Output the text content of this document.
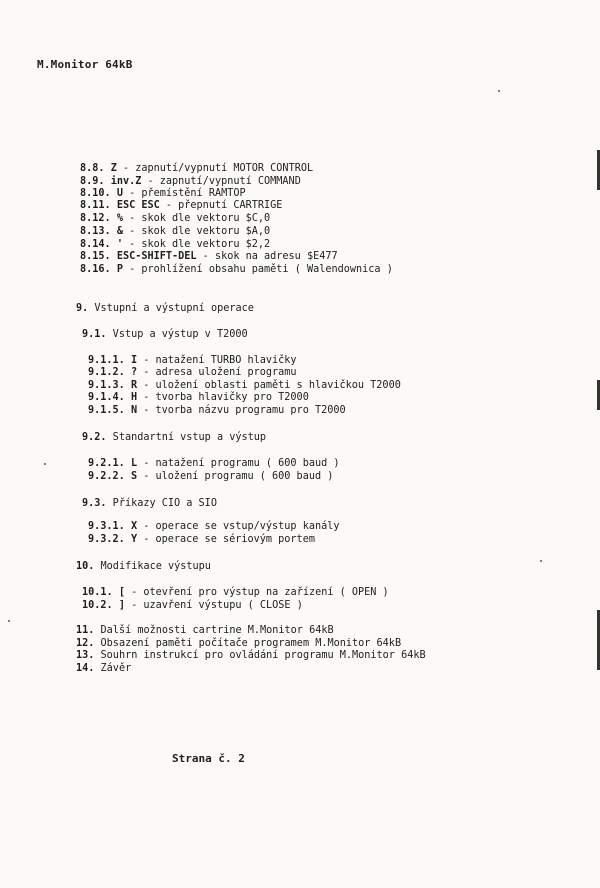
M.Monitor 64kB
8.8. Z - zapnutí/vypnutí MOTOR CONTROL
8.9. inv.Z - zapnutí/vypnutí COMMAND
8.10. U - přemístění RAMTOP
8.11. ESC ESC - přepnutí CARTRIGE
8.12. % - skok dle vektoru $C,0
8.13. & - skok dle vektoru $A,0
8.14. ' - skok dle vektoru $2,2
8.15. ESC-SHIFT-DEL - skok na adresu $E477
8.16. P - prohlížení obsahu paměti ( Walendownica )
9. Vstupní a výstupní operace
9.1. Vstup a výstup v T2000
9.1.1. I - natažení TURBO hlavičky
9.1.2. ? - adresa uložení programu
9.1.3. R - uložení oblasti paměti s hlavičkou T2000
9.1.4. H - tvorba hlavičky pro T2000
9.1.5. N - tvorba názvu programu pro T2000
9.2. Standartní vstup a výstup
9.2.1. L - natažení programu ( 600 baud )
9.2.2. S - uložení programu ( 600 baud )
9.3. Příkazy CIO a SIO
9.3.1. X - operace se vstup/výstup kanály
9.3.2. Y - operace se sériovým portem
10. Modifikace výstupu
10.1. [ - otevření pro výstup na zařízení ( OPEN )
10.2. ] - uzavření výstupu ( CLOSE )
11. Další možnosti cartrine M.Monitor 64kB
12. Obsazení paměti počítače programem M.Monitor 64kB
13. Souhrn instrukcí pro ovládání programu M.Monitor 64kB
14. Závěr
Strana č. 2
